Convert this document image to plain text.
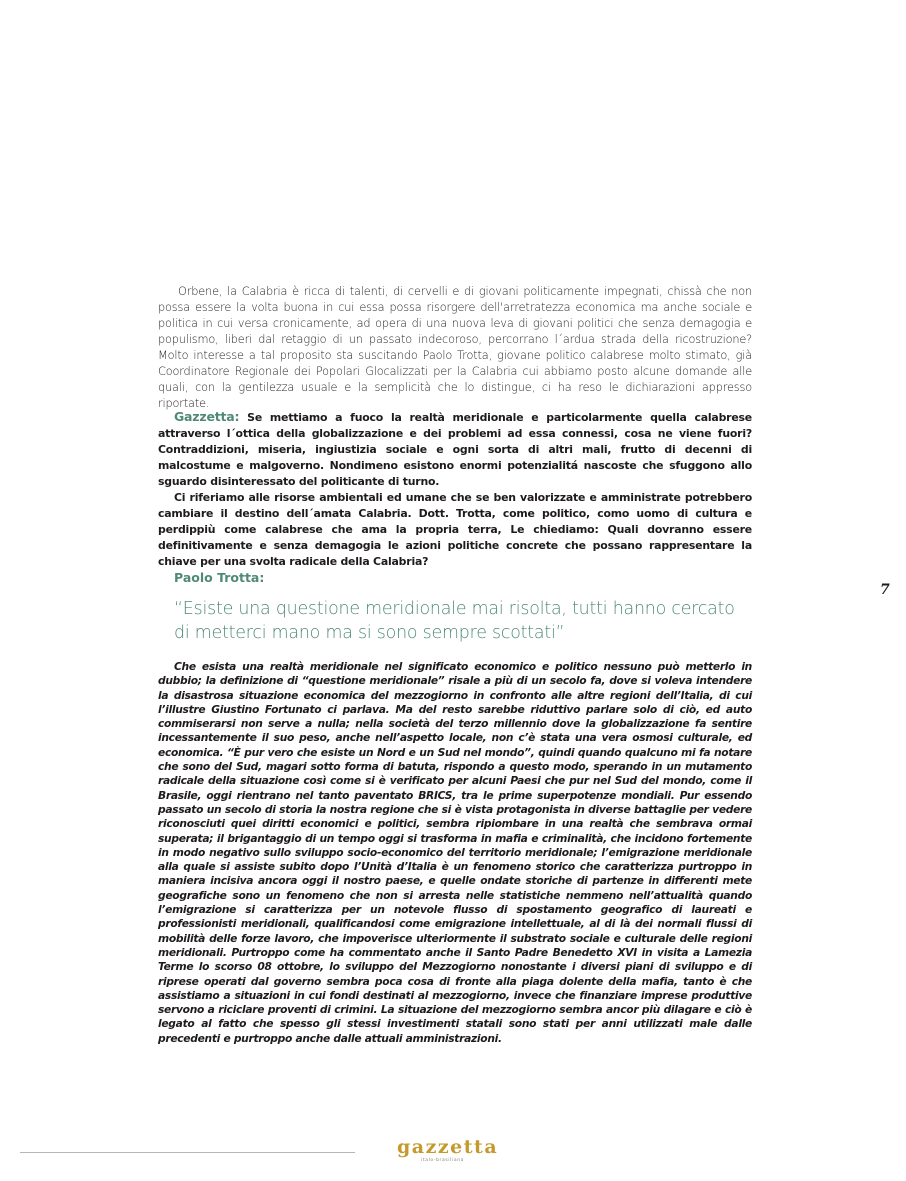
Orbene, la Calabria è ricca di talenti, di cervelli e di giovani politicamente impegnati, chissà che non possa essere la volta buona in cui essa possa risorgere dell'arretratezza economica ma anche sociale e politica in cui versa cronicamente, ad opera di una nuova leva di giovani politici che senza demagogia e populismo, liberi dal retaggio di un passato indecoroso, percorrano l´ardua strada della ricostruzione? Molto interesse a tal proposito sta suscitando Paolo Trotta, giovane politico calabrese molto stimato, già Coordinatore Regionale dei Popolari Glocalizzati per la Calabria cui abbiamo posto alcune domande alle quali, con la gentilezza usuale e la semplicità che lo distingue, ci ha reso le dichiarazioni appresso riportate.

Gazzetta: Se mettiamo a fuoco la realtà meridionale e particolarmente quella calabrese attraverso l´ottica della globalizzazione e dei problemi ad essa connessi, cosa ne viene fuori? Contraddizioni, miseria, ingiustizia sociale e ogni sorta di altri mali, frutto di decenni di malcostume e malgoverno. Nondimeno esistono enormi potenzialitá nascoste che sfuggono allo sguardo disinteressato del politicante di turno.

Ci riferiamo alle risorse ambientali ed umane che se ben valorizzate e amministrate potrebbero cambiare il destino dell´amata Calabria. Dott. Trotta, come politico, como uomo di cultura e perdippiù come calabrese che ama la propria terra, Le chiediamo: Quali dovranno essere definitivamente e senza demagogia le azioni politiche concrete che possano rappresentare la chiave per una svolta radicale della Calabria?

Paolo Trotta:
“Esiste una questione meridionale mai risolta, tutti hanno cercato di metterci mano ma si sono sempre scottati”

Che esista una realtà meridionale nel significato economico e politico nessuno può metterlo in dubbio; la definizione di “questione meridionale” risale a più di un secolo fa, dove si voleva intendere la disastrosa situazione economica del mezzogiorno in confronto alle altre regioni dell’Italia, di cui l’illustre Giustino Fortunato ci parlava. Ma del resto sarebbe riduttivo parlare solo di ciò, ed auto commiserarsi non serve a nulla; nella società del terzo millennio dove la globalizzazione fa sentire incessantemente il suo peso, anche nell’aspetto locale, non c’è stata una vera osmosi culturale, ed economica. “È pur vero che esiste un Nord e un Sud nel mondo”, quindi quando qualcuno mi fa notare che sono del Sud, magari sotto forma di batuta, rispondo a questo modo, sperando in un mutamento radicale della situazione così come si è verificato per alcuni Paesi che pur nel Sud del mondo, come il Brasile, oggi rientrano nel tanto paventato BRICS, tra le prime superpotenze mondiali. Pur essendo passato un secolo di storia la nostra regione che si è vista protagonista in diverse battaglie per vedere riconosciuti quei diritti economici e politici, sembra ripiombare in una realtà che sembrava ormai superata; il brigantaggio di un tempo oggi si trasforma in mafia e criminalità, che incidono fortemente in modo negativo sullo sviluppo socio-economico del territorio meridionale; l’emigrazione meridionale alla quale si assiste subito dopo l’Unità d’Italia è un fenomeno storico che caratterizza purtroppo in maniera incisiva ancora oggi il nostro paese, e quelle ondate storiche di partenze in differenti mete geografiche sono un fenomeno che non si arresta nelle statistiche nemmeno nell’attualità quando l’emigrazione si caratterizza per un notevole flusso di spostamento geografico di laureati e professionisti meridionali, qualificandosi come emigrazione intellettuale, al di là dei normali flussi di mobilità delle forze lavoro, che impoverisce ulteriormente il substrato sociale e culturale delle regioni meridionali. Purtroppo come ha commentato anche il Santo Padre Benedetto XVI in visita a Lamezia Terme lo scorso 08 ottobre, lo sviluppo del Mezzogiorno nonostante i diversi piani di sviluppo e di riprese operati dal governo sembra poca cosa di fronte alla piaga dolente della mafia, tanto è che assistiamo a situazioni in cui fondi destinati al mezzogiorno, invece che finanziare imprese produttive servono a riciclare proventi di crimini. La situazione del mezzogiorno sembra ancor più dilagare e ciò è legato al fatto che spesso gli stessi investimenti statali sono stati per anni utilizzati male dalle precedenti e purtroppo anche dalle attuali amministrazioni.

7
gazzetta
italo-brasiliana
